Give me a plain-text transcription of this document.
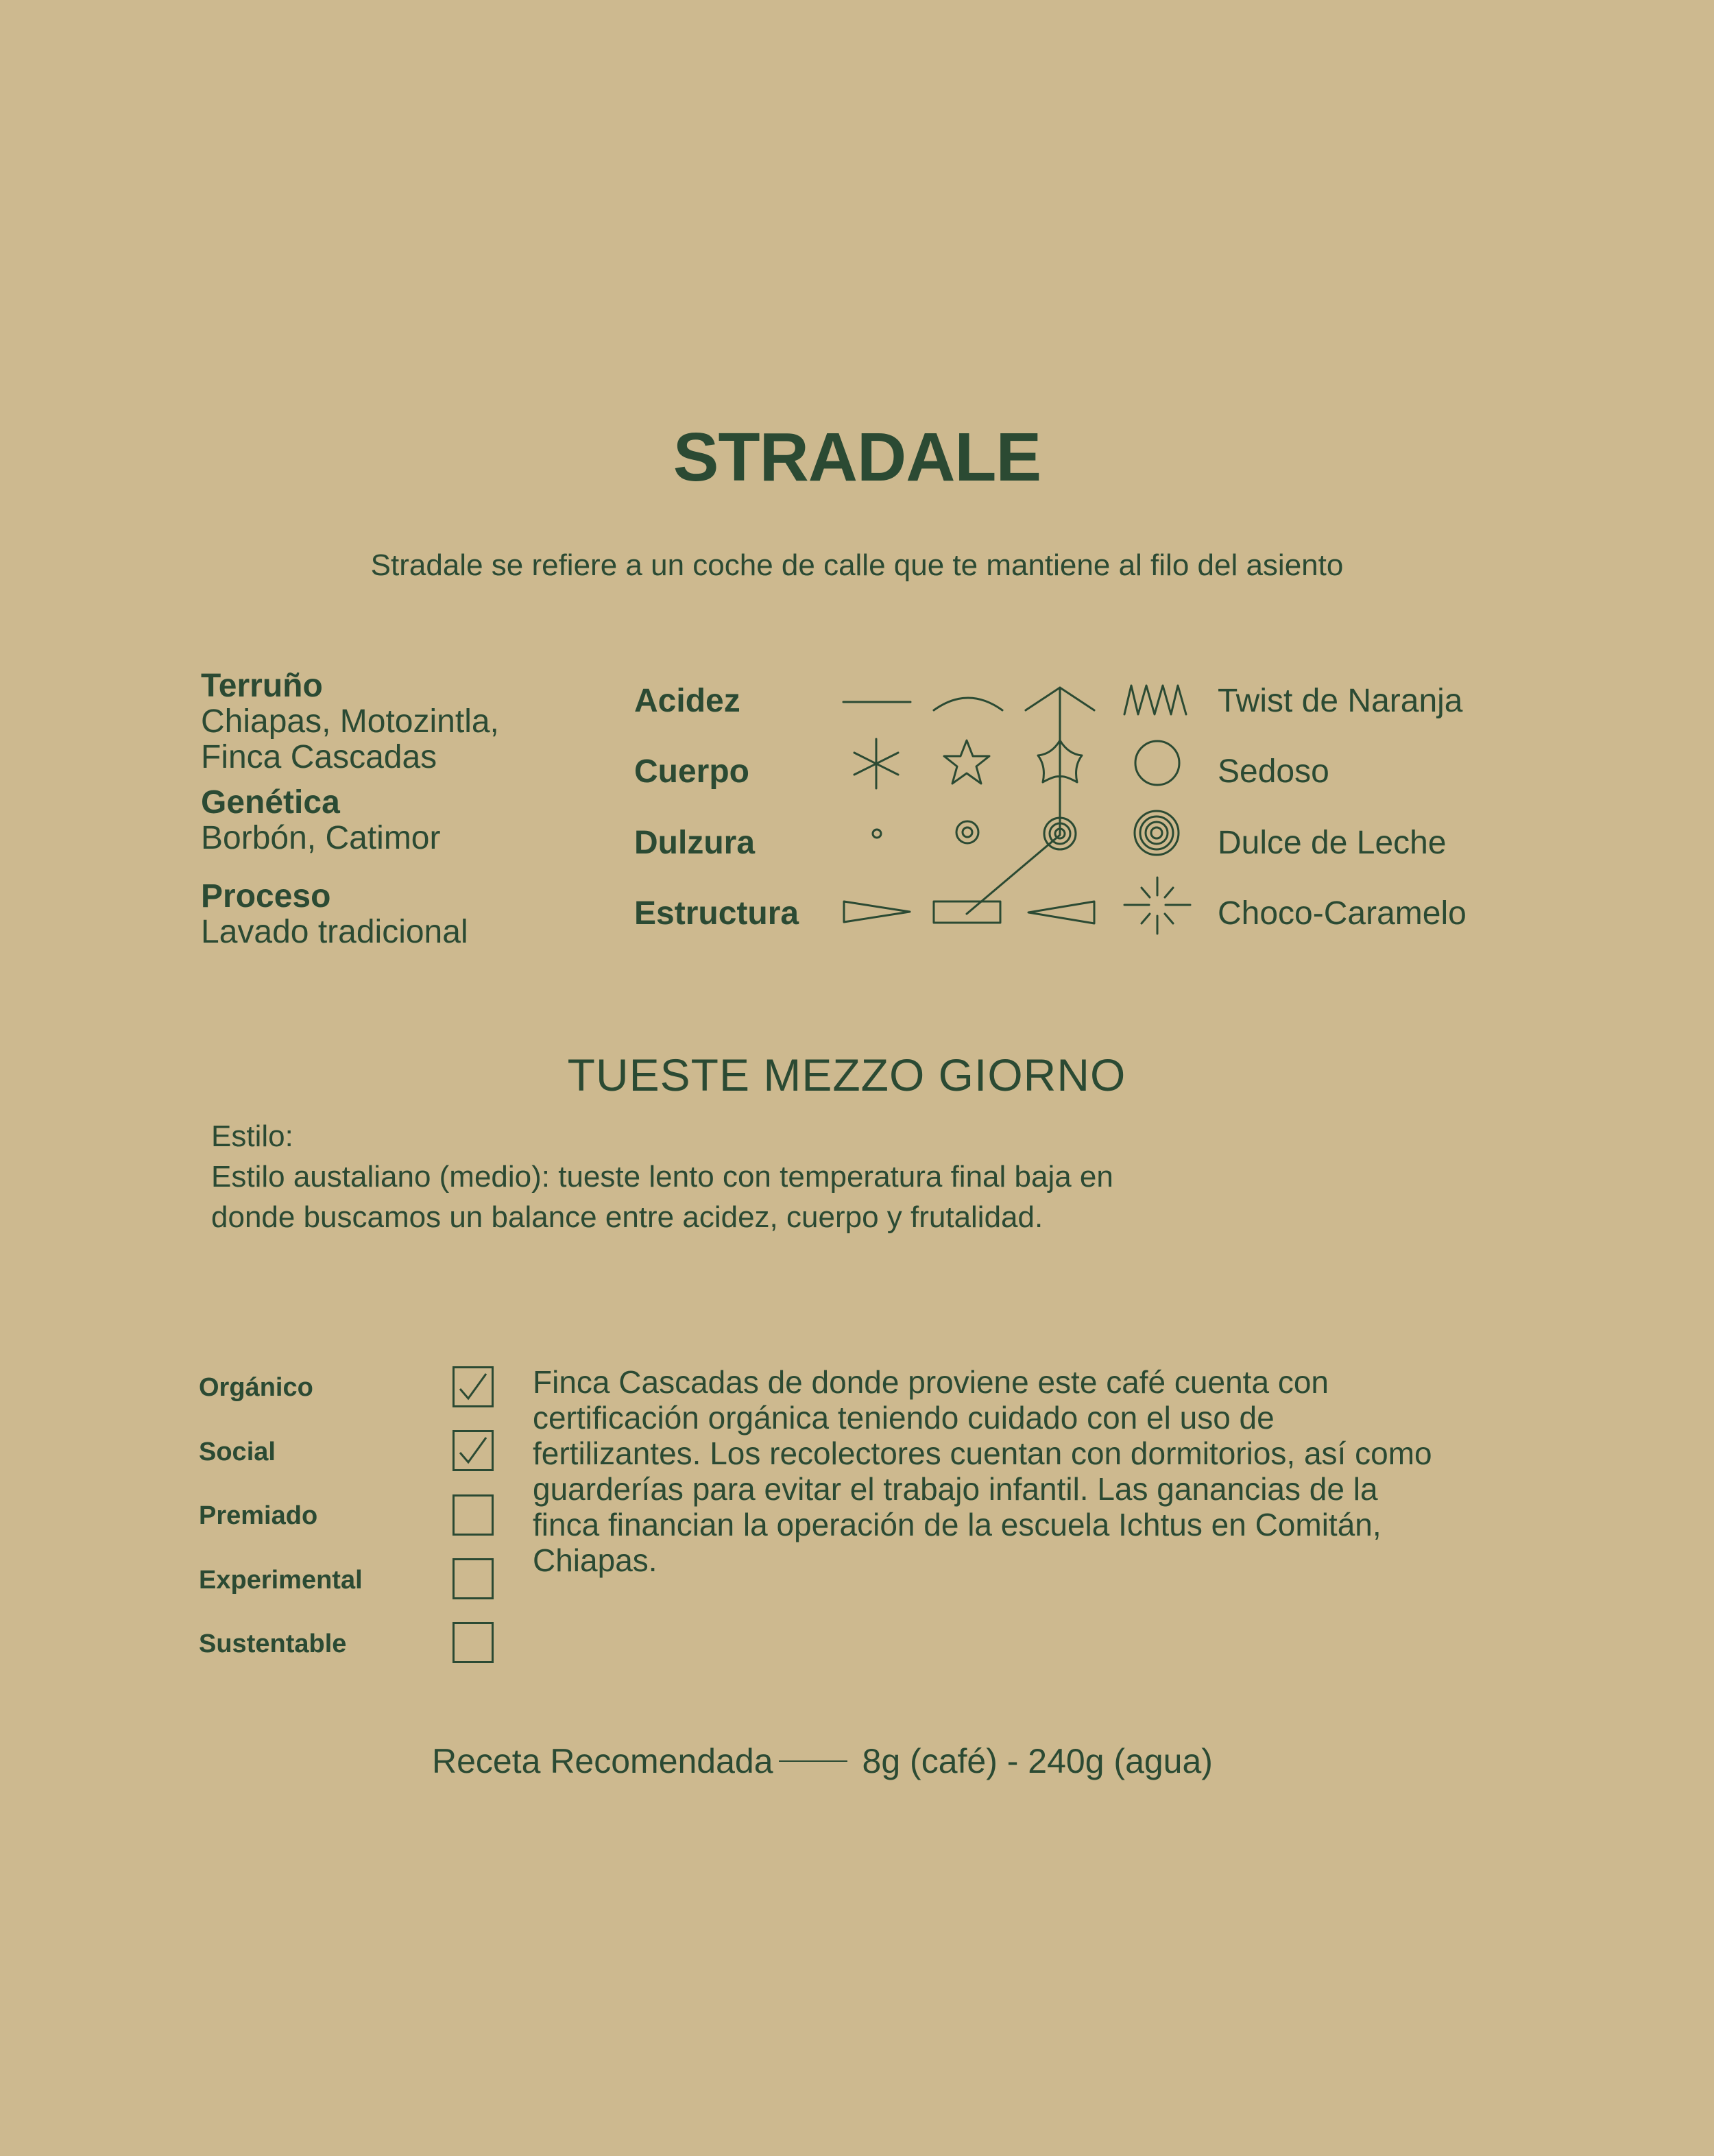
STRADALE
Stradale se refiere a un coche de calle que te mantiene al filo del asiento
Terruño
Chiapas, Motozintla,
Finca Cascadas
Genética
Borbón, Catimor
Proceso
Lavado tradicional
Acidez
Cuerpo
Dulzura
Estructura
Twist de Naranja
Sedoso
Dulce de Leche
Choco-Caramelo
TUESTE MEZZO GIORNO
Estilo:
Estilo austaliano (medio): tueste lento con temperatura final baja en
donde buscamos un balance entre acidez, cuerpo y frutalidad.
Orgánico
Social
Premiado
Experimental
Sustentable
Finca Cascadas de donde proviene este café cuenta con
certificación orgánica teniendo cuidado con el uso de
fertilizantes. Los recolectores cuentan con dormitorios, así como
guarderías para evitar el trabajo infantil. Las ganancias de la
finca financian la operación de la escuela Ichtus en Comitán,
Chiapas.
Receta Recomendada	8g (café) - 240g (agua)
